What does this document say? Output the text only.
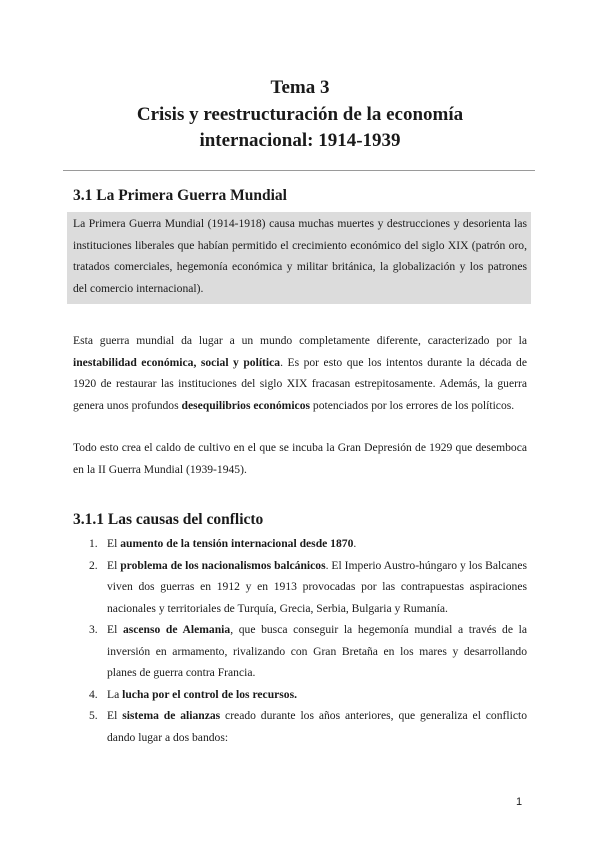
Tema 3
Crisis y reestructuración de la economía
internacional: 1914-1939
3.1 La Primera Guerra Mundial
La Primera Guerra Mundial (1914-1918) causa muchas muertes y destrucciones y desorienta las instituciones liberales que habían permitido el crecimiento económico del siglo XIX (patrón oro, tratados comerciales, hegemonía económica y militar británica, la globalización y los patrones del comercio internacional).
Esta guerra mundial da lugar a un mundo completamente diferente, caracterizado por la inestabilidad económica, social y política. Es por esto que los intentos durante la década de 1920 de restaurar las instituciones del siglo XIX fracasan estrepitosamente. Además, la guerra genera unos profundos desequilibrios económicos potenciados por los errores de los políticos.
Todo esto crea el caldo de cultivo en el que se incuba la Gran Depresión de 1929 que desemboca en la II Guerra Mundial (1939-1945).
3.1.1 Las causas del conflicto
1. El aumento de la tensión internacional desde 1870.
2. El problema de los nacionalismos balcánicos. El Imperio Austro-húngaro y los Balcanes viven dos guerras en 1912 y en 1913 provocadas por las contrapuestas aspiraciones nacionales y territoriales de Turquía, Grecia, Serbia, Bulgaria y Rumanía.
3. El ascenso de Alemania, que busca conseguir la hegemonía mundial a través de la inversión en armamento, rivalizando con Gran Bretaña en los mares y desarrollando planes de guerra contra Francia.
4. La lucha por el control de los recursos.
5. El sistema de alianzas creado durante los años anteriores, que generaliza el conflicto dando lugar a dos bandos:
1
